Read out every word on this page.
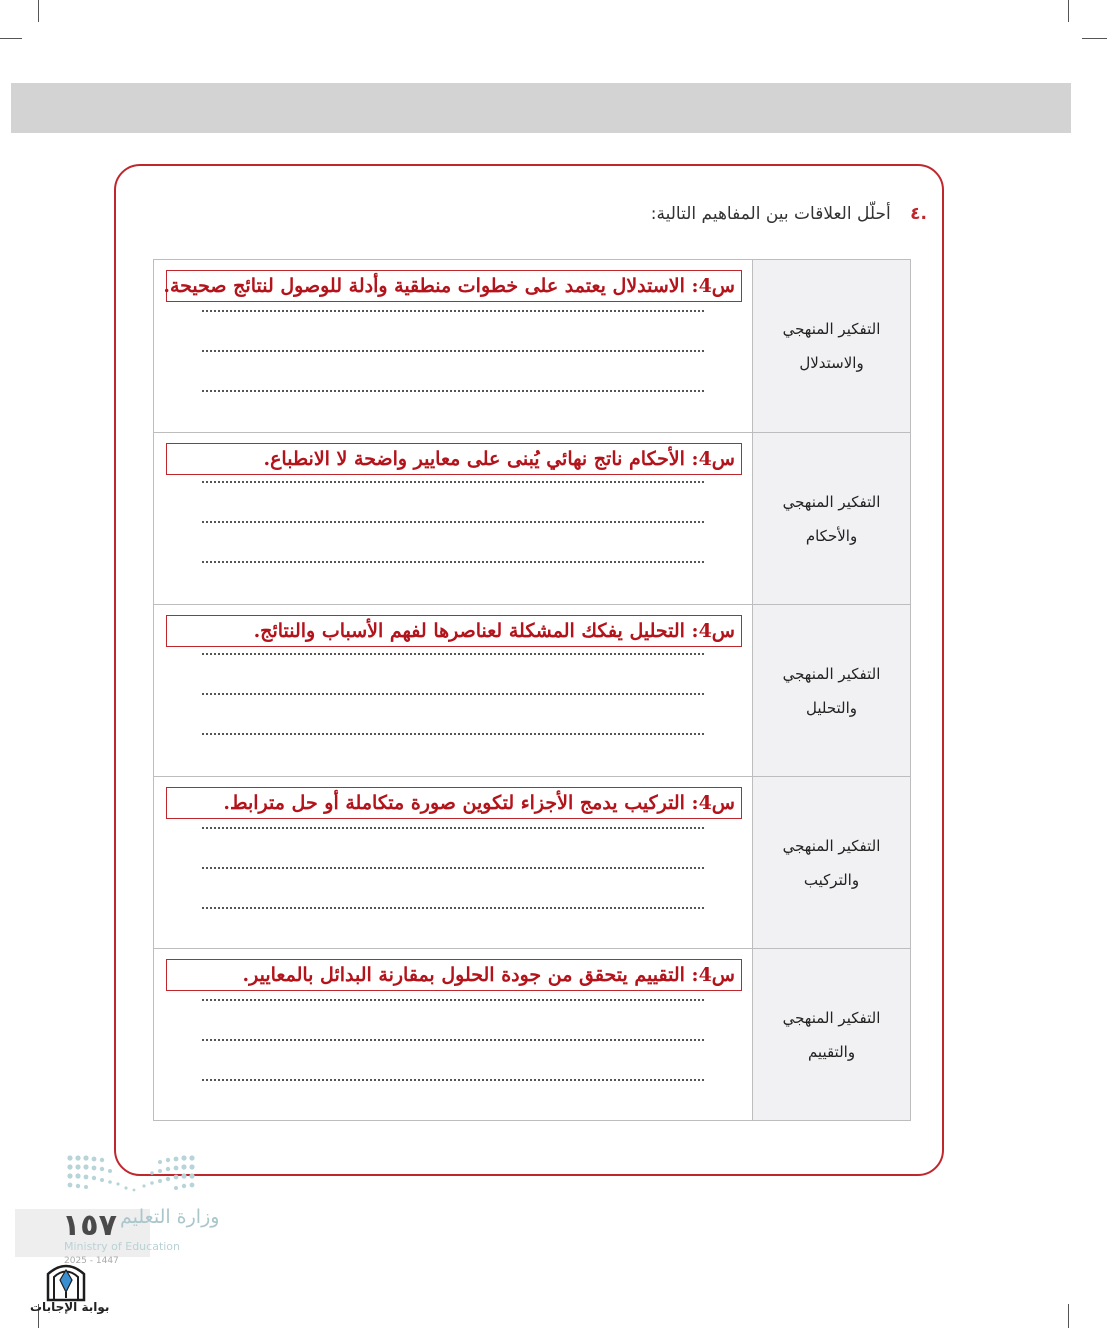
.٤ أحلّل العلاقات بين المفاهيم التالية:
التفكير المنهجي
والاستدلال
س4: الاستدلال يعتمد على خطوات منطقية وأدلة للوصول لنتائج صحيحة.
التفكير المنهجي
والأحكام
س4: الأحكام ناتج نهائي يُبنى على معايير واضحة لا الانطباع.
التفكير المنهجي
والتحليل
س4: التحليل يفكك المشكلة لعناصرها لفهم الأسباب والنتائج.
التفكير المنهجي
والتركيب
س4: التركيب يدمج الأجزاء لتكوين صورة متكاملة أو حل مترابط.
التفكير المنهجي
والتقييم
س4: التقييم يتحقق من جودة الحلول بمقارنة البدائل بالمعايير.
وزارة التعليم
١٥٧
Ministry of Education
2025 - 1447
بوابة الإجابات
